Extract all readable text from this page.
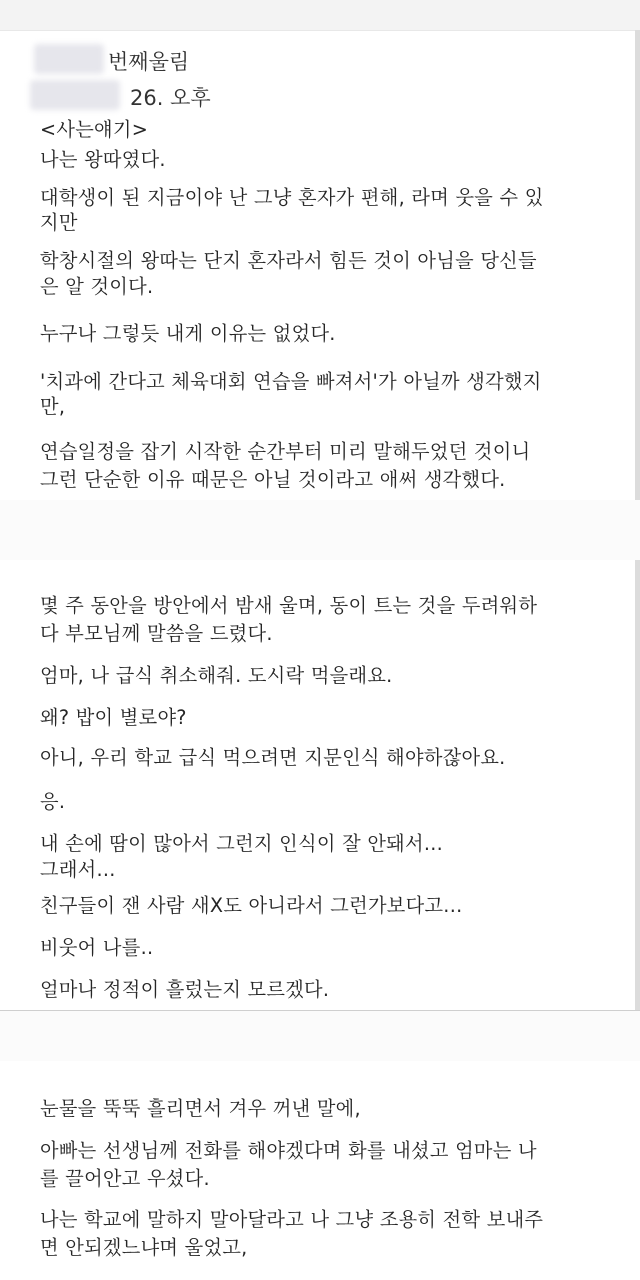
번째울림
26. 오후
<사는얘기>
나는 왕따였다.
대학생이 된 지금이야 난 그냥 혼자가 편해, 라며 웃을 수 있
지만
학창시절의 왕따는 단지 혼자라서 힘든 것이 아님을 당신들
은 알 것이다.
누구나 그렇듯 내게 이유는 없었다.
'치과에 간다고 체육대회 연습을 빠져서'가 아닐까 생각했지
만,
연습일정을 잡기 시작한 순간부터 미리 말해두었던 것이니
그런 단순한 이유 때문은 아닐 것이라고 애써 생각했다.
몇 주 동안을 방안에서 밤새 울며, 동이 트는 것을 두려워하
다 부모님께 말씀을 드렸다.
엄마, 나 급식 취소해줘. 도시락 먹을래요.
왜? 밥이 별로야?
아니, 우리 학교 급식 먹으려면 지문인식 해야하잖아요.
응.
내 손에 땀이 많아서 그런지 인식이 잘 안돼서...
그래서...
친구들이 잰 사람 새X도 아니라서 그런가보다고...
비웃어 나를..
얼마나 정적이 흘렀는지 모르겠다.
눈물을 뚝뚝 흘리면서 겨우 꺼낸 말에,
아빠는 선생님께 전화를 해야겠다며 화를 내셨고 엄마는 나
를 끌어안고 우셨다.
나는 학교에 말하지 말아달라고 나 그냥 조용히 전학 보내주
면 안되겠느냐며 울었고,
